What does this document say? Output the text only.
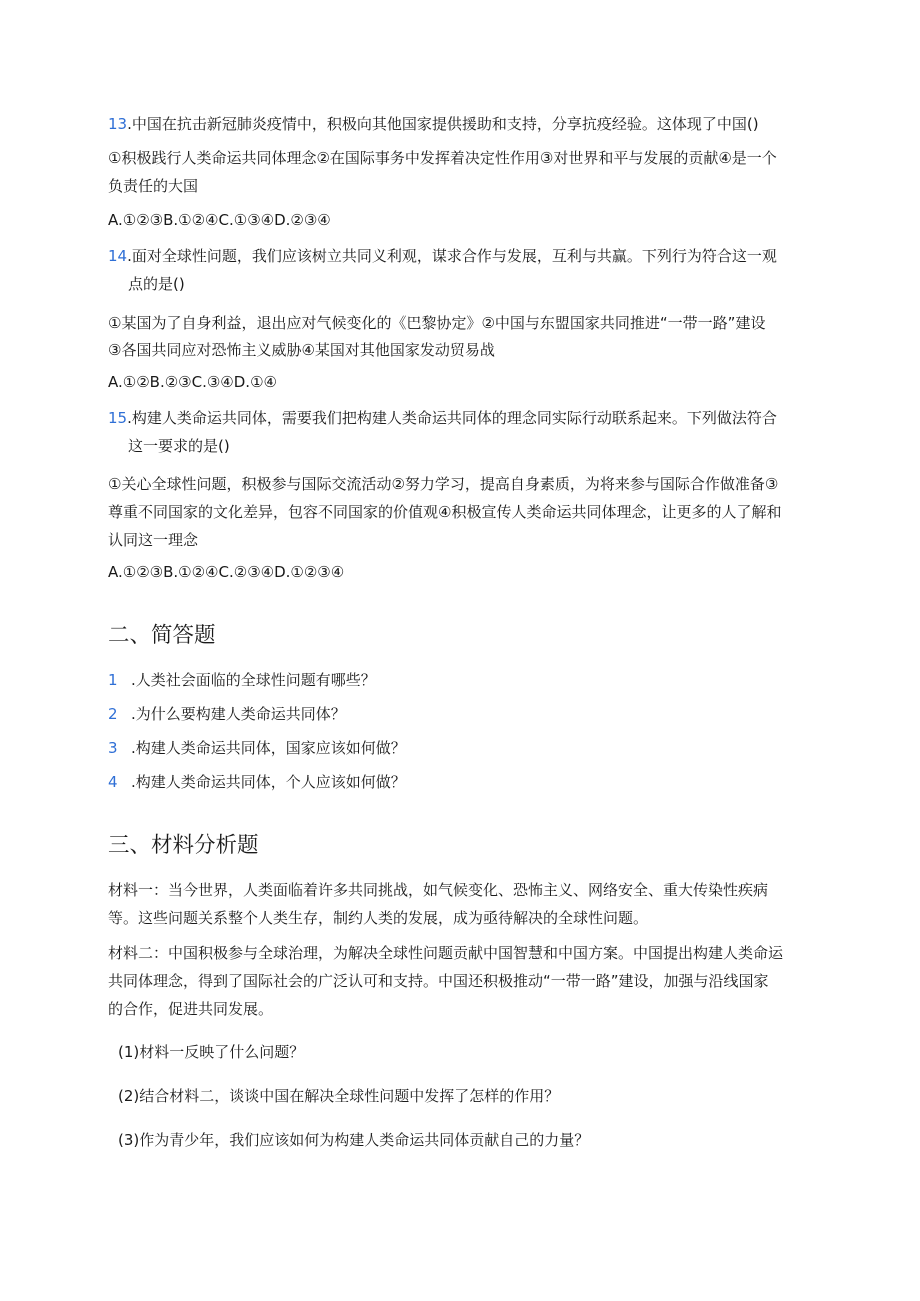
13.中国在抗击新冠肺炎疫情中，积极向其他国家提供援助和支持，分享抗疫经验。这体现了中国()
①积极践行人类命运共同体理念②在国际事务中发挥着决定性作用③对世界和平与发展的贡献④是一个
负责任的大国
A.①②③B.①②④C.①③④D.②③④
14.面对全球性问题，我们应该树立共同义利观，谋求合作与发展，互利与共赢。下列行为符合这一观
点的是()
①某国为了自身利益，退出应对气候变化的《巴黎协定》②中国与东盟国家共同推进“一带一路”建设
③各国共同应对恐怖主义威胁④某国对其他国家发动贸易战
A.①②B.②③C.③④D.①④
15.构建人类命运共同体，需要我们把构建人类命运共同体的理念同实际行动联系起来。下列做法符合
这一要求的是()
①关心全球性问题，积极参与国际交流活动②努力学习，提高自身素质，为将来参与国际合作做准备③
尊重不同国家的文化差异，包容不同国家的价值观④积极宣传人类命运共同体理念，让更多的人了解和
认同这一理念
A.①②③B.①②④C.②③④D.①②③④
二、简答题
1 .人类社会面临的全球性问题有哪些？
2 .为什么要构建人类命运共同体？
3 .构建人类命运共同体，国家应该如何做？
4 .构建人类命运共同体，个人应该如何做？
三、材料分析题
材料一：当今世界，人类面临着许多共同挑战，如气候变化、恐怖主义、网络安全、重大传染性疾病
等。这些问题关系整个人类生存，制约人类的发展，成为亟待解决的全球性问题。
材料二：中国积极参与全球治理，为解决全球性问题贡献中国智慧和中国方案。中国提出构建人类命运
共同体理念，得到了国际社会的广泛认可和支持。中国还积极推动“一带一路”建设，加强与沿线国家
的合作，促进共同发展。
(1)材料一反映了什么问题？
(2)结合材料二，谈谈中国在解决全球性问题中发挥了怎样的作用？
(3)作为青少年，我们应该如何为构建人类命运共同体贡献自己的力量？
